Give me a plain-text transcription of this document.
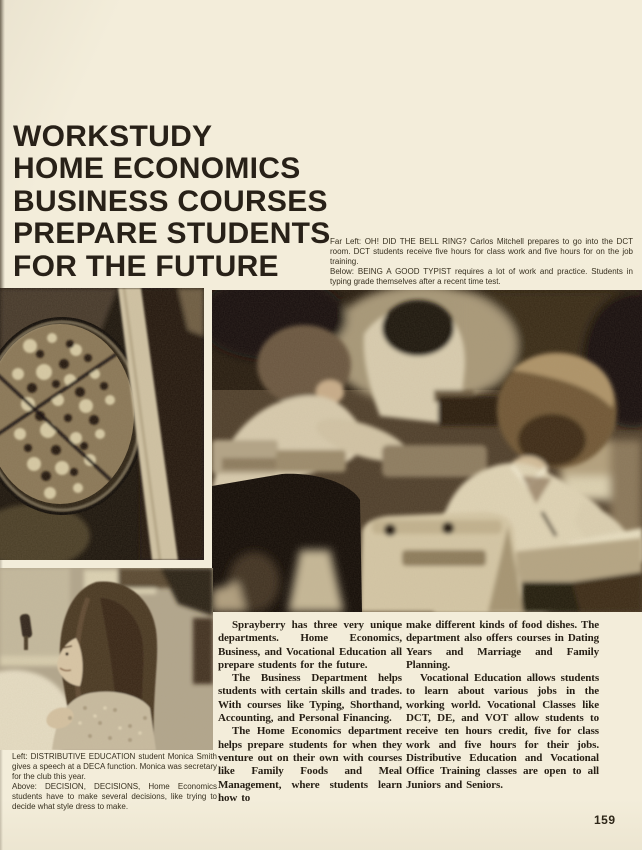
WORKSTUDY
HOME ECONOMICS
BUSINESS COURSES
PREPARE STUDENTS
FOR THE FUTURE

Far Left: OH! DID THE BELL RING? Carlos Mitchell prepares to go into the DCT room. DCT students receive five hours for class work and five hours for on the job training.

Below: BEING A GOOD TYPIST requires a lot of work and practice. Students in typing grade themselves after a recent time test.

Sprayberry has three very unique departments. Home Economics, Business, and Vocational Education all prepare students for the future.

The Business Department helps students with certain skills and trades. With courses like Typing, Shorthand, Accounting, and Personal Financing.

The Home Economics department helps prepare students for when they venture out on their own with courses like Family Foods and Meal Management, where students learn how to

make different kinds of food dishes. The department also offers courses in Dating Years and Marriage and Family Planning.

Vocational Education allows students to learn about various jobs in the working world. Vocational Classes like DCT, DE, and VOT allow students to receive ten hours credit, five for class work and five hours for their jobs. Distributive Education and Vocational Office Training classes are open to all Juniors and Seniors.

Left: DISTRIBUTIVE EDUCATION student Monica Smith gives a speech at a DECA function. Monica was secretary for the club this year.

Above: DECISION, DECISIONS, Home Economics students have to make several decisions, like trying to decide what style dress to make.

159
